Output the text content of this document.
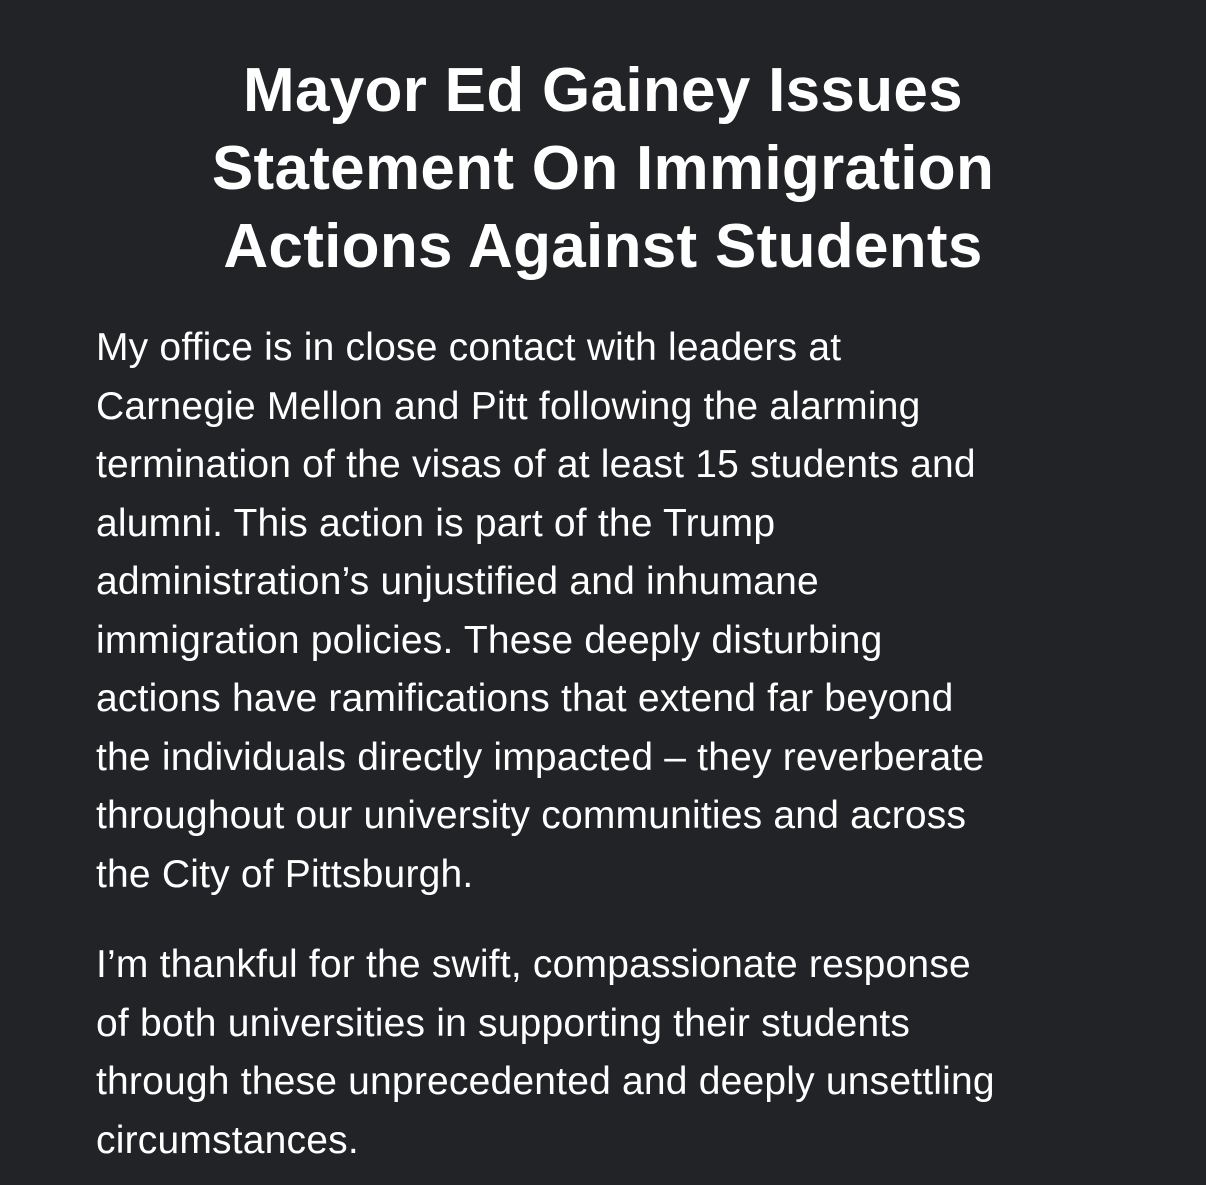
Mayor Ed Gainey Issues
Statement On Immigration
Actions Against Students

My office is in close contact with leaders at
Carnegie Mellon and Pitt following the alarming
termination of the visas of at least 15 students and
alumni. This action is part of the Trump
administration’s unjustified and inhumane
immigration policies. These deeply disturbing
actions have ramifications that extend far beyond
the individuals directly impacted – they reverberate
throughout our university communities and across
the City of Pittsburgh.

I’m thankful for the swift, compassionate response
of both universities in supporting their students
through these unprecedented and deeply unsettling
circumstances.
